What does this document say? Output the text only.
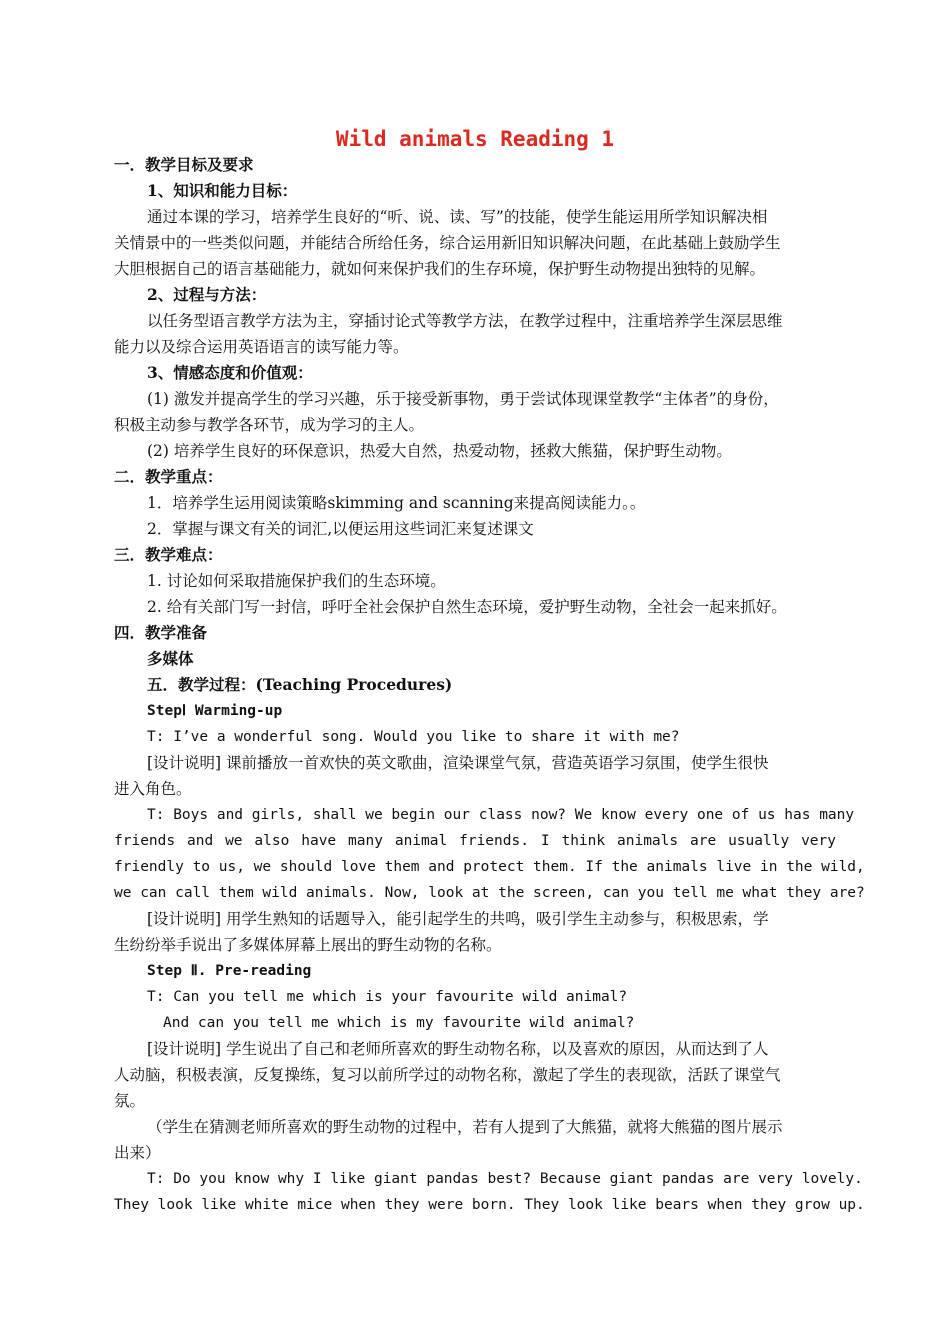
Wild animals Reading 1
一．教学目标及要求
1、知识和能力目标：
通过本课的学习，培养学生良好的“听、说、读、写”的技能，使学生能运用所学知识解决相
关情景中的一些类似问题，并能结合所给任务，综合运用新旧知识解决问题，在此基础上鼓励学生
大胆根据自己的语言基础能力，就如何来保护我们的生存环境，保护野生动物提出独特的见解。
2、过程与方法：
以任务型语言教学方法为主，穿插讨论式等教学方法，在教学过程中，注重培养学生深层思维
能力以及综合运用英语语言的读写能力等。
3、情感态度和价值观：
(1) 激发并提高学生的学习兴趣，乐于接受新事物，勇于尝试体现课堂教学“主体者”的身份，
积极主动参与教学各环节，成为学习的主人。
(2) 培养学生良好的环保意识，热爱大自然，热爱动物，拯救大熊猫，保护野生动物。
二．教学重点：
1．培养学生运用阅读策略skimming and scanning来提高阅读能力。。
2．掌握与课文有关的词汇,以便运用这些词汇来复述课文
三．教学难点：
1. 讨论如何采取措施保护我们的生态环境。
2. 给有关部门写一封信，呼吁全社会保护自然生态环境，爱护野生动物，全社会一起来抓好。
四．教学准备
多媒体
五．教学过程：(Teaching Procedures)
StepⅠ Warming-up
T: I’ve a wonderful song. Would you like to share it with me?
[设计说明] 课前播放一首欢快的英文歌曲，渲染课堂气氛，营造英语学习氛围，使学生很快
进入角色。
T: Boys and girls, shall we begin our class now? We know every one of us has many
friends and we also have many animal friends. I think animals are usually very
friendly to us, we should love them and protect them. If the animals live in the wild,
we can call them wild animals. Now, look at the screen, can you tell me what they are?
[设计说明] 用学生熟知的话题导入，能引起学生的共鸣，吸引学生主动参与，积极思索，学
生纷纷举手说出了多媒体屏幕上展出的野生动物的名称。
Step Ⅱ. Pre-reading
T: Can you tell me which is your favourite wild animal?
And can you tell me which is my favourite wild animal?
[设计说明] 学生说出了自己和老师所喜欢的野生动物名称，以及喜欢的原因，从而达到了人
人动脑，积极表演，反复操练，复习以前所学过的动物名称，激起了学生的表现欲，活跃了课堂气
氛。
（学生在猜测老师所喜欢的野生动物的过程中，若有人提到了大熊猫，就将大熊猫的图片展示
出来）
T: Do you know why I like giant pandas best? Because giant pandas are very lovely.
They look like white mice when they were born. They look like bears when they grow up.
